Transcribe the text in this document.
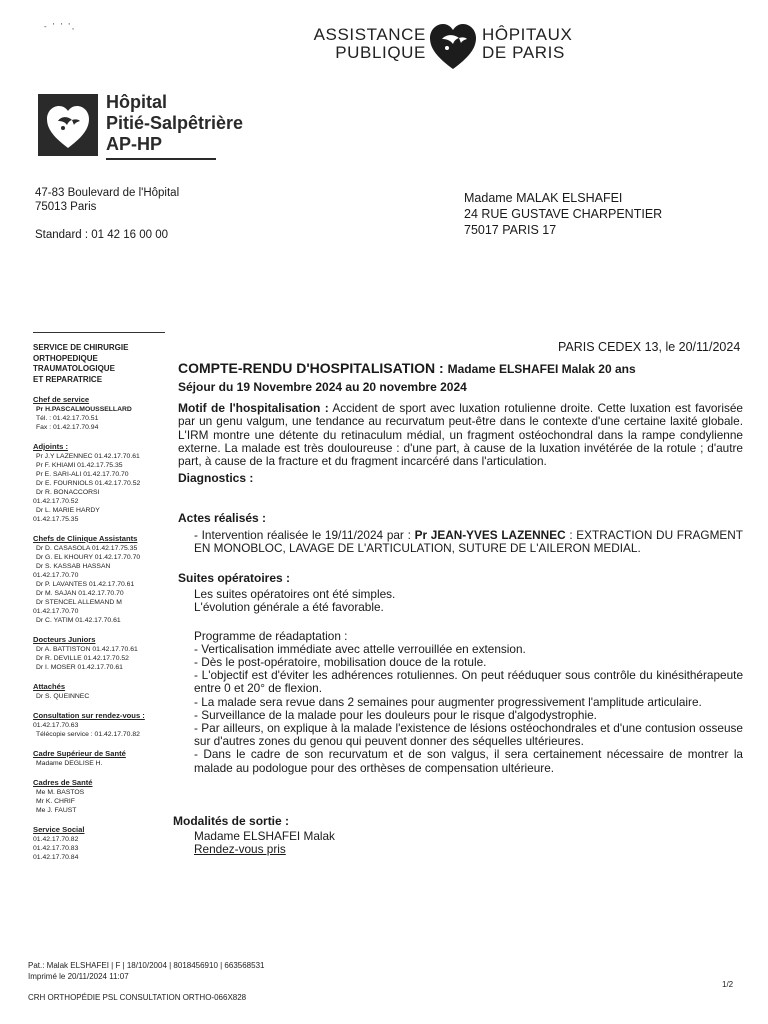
- ' ' ',	ASSISTANCE
PUBLIQUE
HÔPITAUX
DE PARIS
Hôpital
Pitié-Salpêtrière
AP-HP
47-83 Boulevard de l'Hôpital
75013 Paris
Standard : 01 42 16 00 00
Madame MALAK ELSHAFEI
24 RUE GUSTAVE CHARPENTIER
75017 PARIS 17
PARIS CEDEX 13, le 20/11/2024
SERVICE DE CHIRURGIE
ORTHOPEDIQUE
TRAUMATOLOGIQUE
ET REPARATRICE
Chef de service
Pr H.PASCALMOUSSELLARD
Tél. : 01.42.17.70.51
Fax : 01.42.17.70.94
Adjoints :
Pr J.Y LAZENNEC 01.42.17.70.61
Pr F. KHIAMI 01.42.17.75.35
Pr E. SARI-ALI 01.42.17.70.70
Dr E. FOURNIOLS 01.42.17.70.52
Dr R. BONACCORSI
01.42.17.70.52
Dr L. MARIE HARDY
01.42.17.75.35
Chefs de Clinique Assistants
Dr D. CASASOLA 01.42.17.75.35
Dr G. EL KHOURY 01.42.17.70.70
Dr S. KASSAB HASSAN
01.42.17.70.70
Dr P. LAVANTES 01.42.17.70.61
Dr M. SAJAN 01.42.17.70.70
Dr STENCEL ALLEMAND M
01.42.17.70.70
Dr C. YATIM 01.42.17.70.61
Docteurs Juniors
Dr A. BATTISTON 01.42.17.70.61
Dr R. DEVILLE 01.42.17.70.52
Dr I. MOSER 01.42.17.70.61
Attachés
Dr S. QUEINNEC
Consultation sur rendez-vous :
01.42.17.70.63
Télécopie service : 01.42.17.70.82
Cadre Supérieur de Santé
Madame DEGLISE H.
Cadres de Santé
Me M. BASTOS
Mr K. CHRIF
Me J. FAUST
Service Social
01.42.17.70.82
01.42.17.70.83
01.42.17.70.84
COMPTE-RENDU D'HOSPITALISATION : Madame ELSHAFEI Malak 20 ans
Séjour du 19 Novembre 2024 au 20 novembre 2024
Motif de l'hospitalisation : Accident de sport avec luxation rotulienne droite. Cette luxation est favorisée par un genu valgum, une tendance au recurvatum peut-être dans le contexte d'une certaine laxité globale. L'IRM montre une détente du retinaculum médial, un fragment ostéochondral dans la rampe condylienne externe. La malade est très douloureuse : d'une part, à cause de la luxation invétérée de la rotule ; d'autre part, à cause de la fracture et du fragment incarcéré dans l'articulation.
Diagnostics :
Actes réalisés :
- Intervention réalisée le 19/11/2024 par : Pr JEAN-YVES LAZENNEC : EXTRACTION DU FRAGMENT EN MONOBLOC, LAVAGE DE L'ARTICULATION, SUTURE DE L'AILERON MEDIAL.
Suites opératoires :
Les suites opératoires ont été simples.
L'évolution générale a été favorable.
Programme de réadaptation :
- Verticalisation immédiate avec attelle verrouillée en extension.
- Dès le post-opératoire, mobilisation douce de la rotule.
- L'objectif est d'éviter les adhérences rotuliennes. On peut rééduquer sous contrôle du kinésithérapeute entre 0 et 20° de flexion.
- La malade sera revue dans 2 semaines pour augmenter progressivement l'amplitude articulaire.
- Surveillance de la malade pour les douleurs pour le risque d'algodystrophie.
- Par ailleurs, on explique à la malade l'existence de lésions ostéochondrales et d'une contusion osseuse sur d'autres zones du genou qui peuvent donner des séquelles ultérieures.
- Dans le cadre de son recurvatum et de son valgus, il sera certainement nécessaire de montrer la malade au podologue pour des orthèses de compensation ultérieure.
Modalités de sortie :
Madame ELSHAFEI Malak
Rendez-vous pris
Pat.: Malak ELSHAFEI | F | 18/10/2004 | 8018456910 | 663568531
Imprimé le 20/11/2024 11:07
CRH ORTHOPÉDIE PSL CONSULTATION ORTHO-066X828
1/2
